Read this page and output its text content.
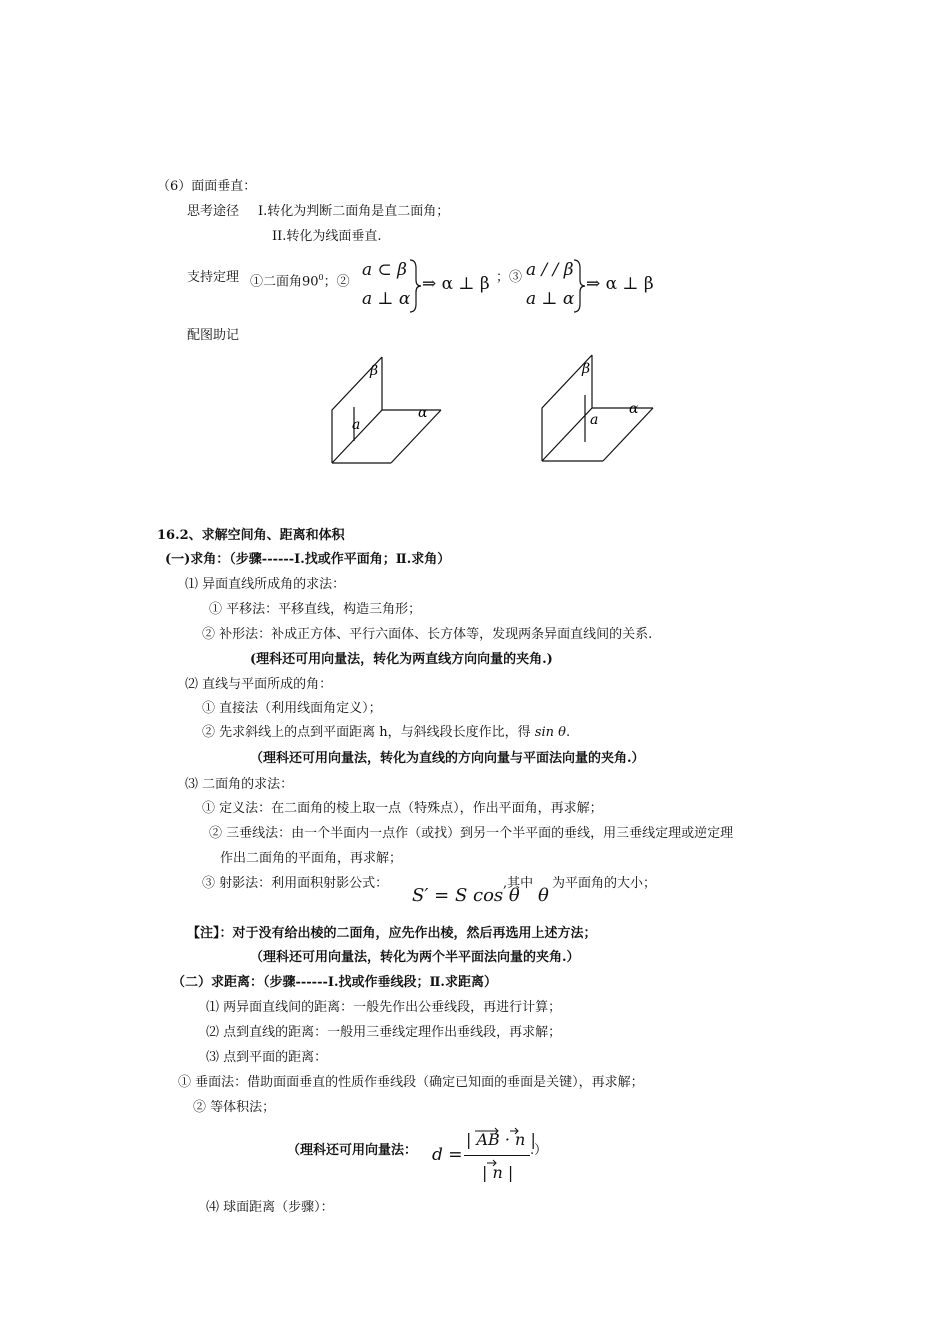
（6）面面垂直：
思考途径 I.转化为判断二面角是直二面角；
II.转化为线面垂直.
支持定理 ①二面角$90^0$；②
a ⊂ β
a ⊥ α
⇒ α ⊥ β ；③ a / / β
a ⊥ α
⇒ α ⊥ β
配图助记
β
α
a
β
α
a
16.2、求解空间角、距离和体积
(一)求角：（步骤------Ⅰ.找或作平面角；Ⅱ.求角）
⑴ 异面直线所成角的求法：
① 平移法：平移直线，构造三角形；
② 补形法：补成正方体、平行六面体、长方体等，发现两条异面直线间的关系.
(理科还可用向量法，转化为两直线方向向量的夹角.)
⑵ 直线与平面所成的角：
① 直接法（利用线面角定义）；
② 先求斜线上的点到平面距离 h，与斜线段长度作比，得 sin θ.
（理科还可用向量法，转化为直线的方向向量与平面法向量的夹角.）
⑶ 二面角的求法：
① 定义法：在二面角的棱上取一点（特殊点），作出平面角，再求解；
② 三垂线法：由一个半面内一点作（或找）到另一个半平面的垂线，用三垂线定理或逆定理
作出二面角的平面角，再求解；
③ 射影法：利用面积射影公式：
S′ = S cos θ
,其中
θ
为平面角的大小；
【注】：对于没有给出棱的二面角，应先作出棱，然后再选用上述方法；
（理科还可用向量法，转化为两个半平面法向量的夹角.）
（二）求距离：（步骤------Ⅰ.找或作垂线段；Ⅱ.求距离）
⑴ 两异面直线间的距离：一般先作出公垂线段，再进行计算；
⑵ 点到直线的距离：一般用三垂线定理作出垂线段，再求解；
⑶ 点到平面的距离：
① 垂面法：借助面面垂直的性质作垂线段（确定已知面的垂面是关键），再求解；
② 等体积法；
（理科还可用向量法： d =
| AB · n |
| n |
.）
⑷ 球面距离（步骤）：
